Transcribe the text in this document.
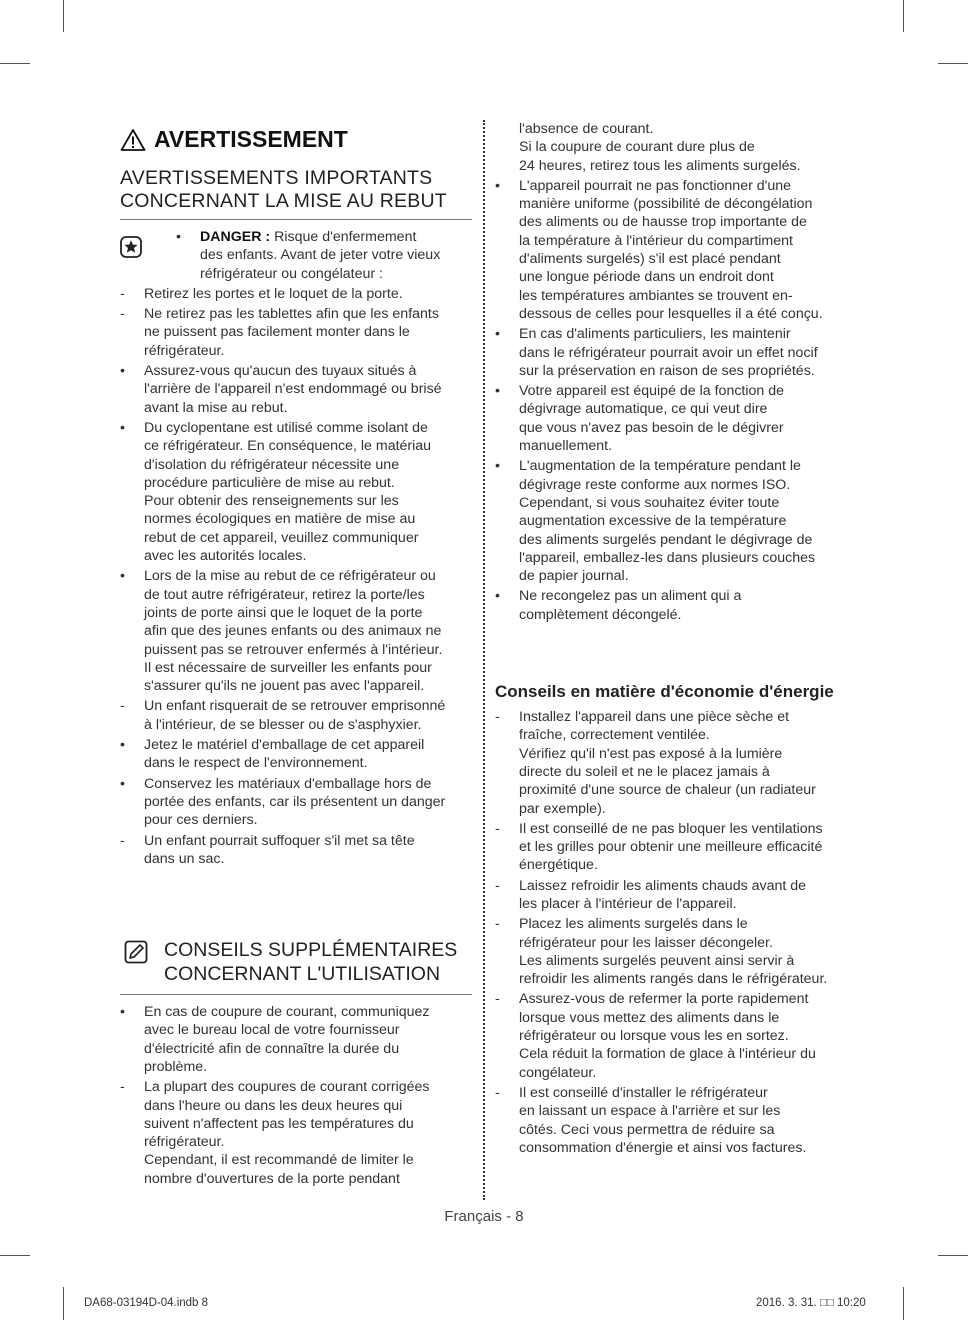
AVERTISSEMENT
AVERTISSEMENTS IMPORTANTS
CONCERNANT LA MISE AU REBUT
• DANGER : Risque d'enfermement
des enfants. Avant de jeter votre vieux
réfrigérateur ou congélateur :
-	Retirez les portes et le loquet de la porte.

-	Ne retirez pas les tablettes afin que les enfants

ne puissent pas facilement monter dans le

réfrigérateur.

•	Assurez-vous qu'aucun des tuyaux situés à

l'arrière de l'appareil n'est endommagé ou brisé

avant la mise au rebut.

•	Du cyclopentane est utilisé comme isolant de

ce réfrigérateur. En conséquence, le matériau

d'isolation du réfrigérateur nécessite une

procédure particulière de mise au rebut.

Pour obtenir des renseignements sur les

normes écologiques en matière de mise au

rebut de cet appareil, veuillez communiquer

avec les autorités locales.

•	Lors de la mise au rebut de ce réfrigérateur ou

de tout autre réfrigérateur, retirez la porte/les

joints de porte ainsi que le loquet de la porte

afin que des jeunes enfants ou des animaux ne

puissent pas se retrouver enfermés à l'intérieur.

Il est nécessaire de surveiller les enfants pour

s'assurer qu'ils ne jouent pas avec l'appareil.

-	Un enfant risquerait de se retrouver emprisonné

à l'intérieur, de se blesser ou de s'asphyxier.

•	Jetez le matériel d'emballage de cet appareil

dans le respect de l'environnement.

•	Conservez les matériaux d'emballage hors de

portée des enfants, car ils présentent un danger

pour ces derniers.

-	Un enfant pourrait suffoquer s'il met sa tête

dans un sac.

CONSEILS SUPPLÉMENTAIRES
CONCERNANT L'UTILISATION
•	En cas de coupure de courant, communiquez

avec le bureau local de votre fournisseur

d'électricité afin de connaître la durée du

problème.

-	La plupart des coupures de courant corrigées

dans l'heure ou dans les deux heures qui

suivent n'affectent pas les températures du

réfrigérateur.

Cependant, il est recommandé de limiter le

nombre d'ouvertures de la porte pendant

l'absence de courant.

Si la coupure de courant dure plus de

24 heures, retirez tous les aliments surgelés.

•	L'appareil pourrait ne pas fonctionner d'une

manière uniforme (possibilité de décongélation

des aliments ou de hausse trop importante de

la température à l'intérieur du compartiment

d'aliments surgelés) s'il est placé pendant

une longue période dans un endroit dont

les températures ambiantes se trouvent en-

dessous de celles pour lesquelles il a été conçu.

•	En cas d'aliments particuliers, les maintenir

dans le réfrigérateur pourrait avoir un effet nocif

sur la préservation en raison de ses propriétés.

•	Votre appareil est équipé de la fonction de

dégivrage automatique, ce qui veut dire

que vous n'avez pas besoin de le dégivrer

manuellement.

•	L'augmentation de la température pendant le

dégivrage reste conforme aux normes ISO.

Cependant, si vous souhaitez éviter toute

augmentation excessive de la température

des aliments surgelés pendant le dégivrage de

l'appareil, emballez-les dans plusieurs couches

de papier journal.

•	Ne recongelez pas un aliment qui a

complètement décongelé.

Conseils en matière d'économie d'énergie
-	Installez l'appareil dans une pièce sèche et

fraîche, correctement ventilée.

Vérifiez qu'il n'est pas exposé à la lumière

directe du soleil et ne le placez jamais à

proximité d'une source de chaleur (un radiateur

par exemple).

-	Il est conseillé de ne pas bloquer les ventilations

et les grilles pour obtenir une meilleure efficacité

énergétique.

-	Laissez refroidir les aliments chauds avant de

les placer à l'intérieur de l'appareil.

-	Placez les aliments surgelés dans le

réfrigérateur pour les laisser décongeler.

Les aliments surgelés peuvent ainsi servir à

refroidir les aliments rangés dans le réfrigérateur.

-	Assurez-vous de refermer la porte rapidement

lorsque vous mettez des aliments dans le

réfrigérateur ou lorsque vous les en sortez.

Cela réduit la formation de glace à l'intérieur du

congélateur.

-	Il est conseillé d'installer le réfrigérateur

en laissant un espace à l'arrière et sur les

côtés. Ceci vous permettra de réduire sa

consommation d'énergie et ainsi vos factures.

Français - 8
DA68-03194D-04.indb 8	2016. 3. 31. □□ 10:20
